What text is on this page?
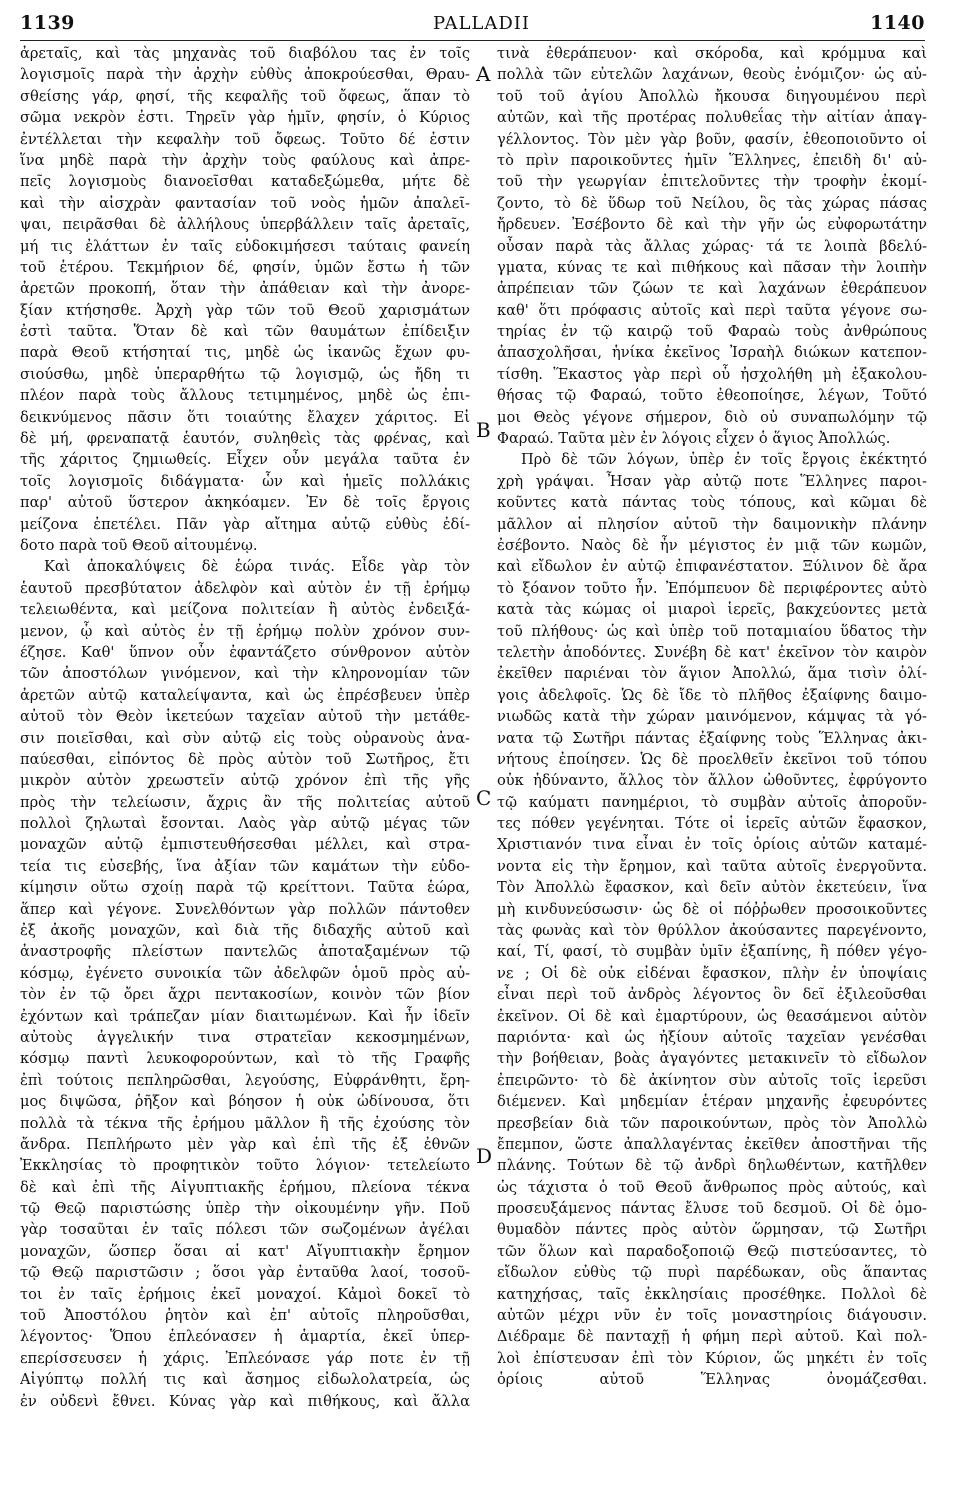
1139	PALLADII	1140
ἀρεταῖς, καὶ τὰς μηχανὰς τοῦ διαβόλου τας ἐν τοῖς
λογισμοῖς παρὰ τὴν ἀρχὴν εὐθὺς ἀποκρούεσθαι, Θραυ-
σθείσης γάρ, φησί, τῆς κεφαλῆς τοῦ ὄφεως, ἅπαν τὸ
σῶμα νεκρὸν ἐστι. Τηρεῖν γὰρ ἡμῖν, φησίν, ὁ Κύριος
ἐντέλλεται τὴν κεφαλὴν τοῦ ὄφεως. Τοῦτο δέ ἐστιν
ἵνα μηδὲ παρὰ τὴν ἀρχὴν τοὺς φαύλους καὶ ἀπρε-
πεῖς λογισμοὺς διανοεῖσθαι καταδεξώμεθα, μήτε δὲ
καὶ τὴν αἰσχρὰν φαντασίαν τοῦ νοὸς ἡμῶν ἀπαλεῖ-
ψαι, πειρᾶσθαι δὲ ἀλλήλους ὑπερβάλλειν ταῖς ἀρεταῖς,
μή τις ἐλάττων ἐν ταῖς εὐδοκιμήσεσι ταύταις φανείη
τοῦ ἑτέρου. Τεκμήριον δέ, φησίν, ὑμῶν ἔστω ἡ τῶν
ἀρετῶν προκοπή, ὅταν τὴν ἀπάθειαν καὶ τὴν ἀνορε-
ξίαν κτήσησθε. Ἀρχὴ γὰρ τῶν τοῦ Θεοῦ χαρισμάτων
ἐστὶ ταῦτα. Ὅταν δὲ καὶ τῶν θαυμάτων ἐπίδειξιν
παρὰ Θεοῦ κτήσηταί τις, μηδὲ ὡς ἱκανῶς ἔχων φυ-
σιούσθω, μηδὲ ὑπεραρθήτω τῷ λογισμῷ, ὡς ἤδη τι
πλέον παρὰ τοὺς ἄλλους τετιμημένος, μηδὲ ὡς ἐπι-
δεικνύμενος πᾶσιν ὅτι τοιαύτης ἔλαχεν χάριτος. Εἰ
δὲ μή, φρεναπατᾷ ἑαυτόν, συληθεὶς τὰς φρένας, καὶ
τῆς χάριτος ζημιωθείς. Εἶχεν οὖν μεγάλα ταῦτα ἐν
τοῖς λογισμοῖς διδάγματα· ὧν καὶ ἡμεῖς πολλάκις
παρ' αὐτοῦ ὕστερον ἀκηκόαμεν. Ἐν δὲ τοῖς ἔργοις
μείζονα ἐπετέλει. Πᾶν γὰρ αἴτημα αὐτῷ εὐθὺς ἐδί-
δοτο παρὰ τοῦ Θεοῦ αἰτουμένῳ.
Καὶ ἀποκαλύψεις δὲ ἑώρα τινάς. Εἶδε γὰρ τὸν
ἑαυτοῦ πρεσβύτατον ἀδελφὸν καὶ αὐτὸν ἐν τῇ ἐρήμῳ
τελειωθέντα, καὶ μείζονα πολιτείαν ἢ αὐτὸς ἐνδειξά-
μενον, ᾧ καὶ αὐτὸς ἐν τῇ ἐρήμῳ πολὺν χρόνον συν-
έζησε. Καθ' ὕπνον οὖν ἐφαντάζετο σύνθρονον αὐτὸν
τῶν ἀποστόλων γινόμενον, καὶ τὴν κληρονομίαν τῶν
ἀρετῶν αὐτῷ καταλείψαντα, καὶ ὡς ἐπρέσβευεν ὑπὲρ
αὐτοῦ τὸν Θεὸν ἱκετεύων ταχεῖαν αὐτοῦ τὴν μετάθε-
σιν ποιεῖσθαι, καὶ σὺν αὐτῷ εἰς τοὺς οὐρανοὺς ἀνα-
παύεσθαι, εἰπόντος δὲ πρὸς αὐτὸν τοῦ Σωτῆρος, ἔτι
μικρὸν αὐτὸν χρεωστεῖν αὐτῷ χρόνον ἐπὶ τῆς γῆς
πρὸς τὴν τελείωσιν, ἄχρις ἂν τῆς πολιτείας αὐτοῦ
πολλοὶ ζηλωταὶ ἔσονται. Λαὸς γὰρ αὐτῷ μέγας τῶν
μοναχῶν αὐτῷ ἐμπιστευθήσεσθαι μέλλει, καὶ στρα-
τεία τις εὐσεβής, ἵνα ἀξίαν τῶν καμάτων τὴν εὐδο-
κίμησιν οὕτω σχοίῃ παρὰ τῷ κρείττονι. Ταῦτα ἑώρα,
ἅπερ καὶ γέγονε. Συνελθόντων γὰρ πολλῶν πάντοθεν
ἐξ ἀκοῆς μοναχῶν, καὶ διὰ τῆς διδαχῆς αὐτοῦ καὶ
ἀναστροφῆς πλείστων παντελῶς ἀποταξαμένων τῷ
κόσμῳ, ἐγένετο συνοικία τῶν ἀδελφῶν ὁμοῦ πρὸς αὐ-
τὸν ἐν τῷ ὄρει ἄχρι πεντακοσίων, κοινὸν τῶν βίον
ἐχόντων καὶ τράπεζαν μίαν διαιτωμένων. Καὶ ἦν ἰδεῖν
αὐτοὺς ἀγγελικήν τινα στρατεῖαν κεκοσμημένων,
κόσμῳ παντὶ λευκοφορούντων, καὶ τὸ τῆς Γραφῆς
ἐπὶ τούτοις πεπληρῶσθαι, λεγούσης, Εὐφράνθητι, ἔρη-
μος διψῶσα, ῥῆξον καὶ βόησον ἡ οὐκ ὠδίνουσα, ὅτι
πολλὰ τὰ τέκνα τῆς ἐρήμου μᾶλλον ἢ τῆς ἐχούσης τὸν
ἄνδρα. Πεπλήρωτο μὲν γὰρ καὶ ἐπὶ τῆς ἐξ ἐθνῶν
Ἐκκλησίας τὸ προφητικὸν τοῦτο λόγιον· τετελείωτο
δὲ καὶ ἐπὶ τῆς Αἰγυπτιακῆς ἐρήμου, πλείονα τέκνα
τῷ Θεῷ παριστώσης ὑπὲρ τὴν οἰκουμένην γῆν. Ποῦ
γὰρ τοσαῦται ἐν ταῖς πόλεσι τῶν σωζομένων ἀγέλαι
μοναχῶν, ὥσπερ ὅσαι αἱ κατ' Αἴγυπτιακὴν ἔρημον
τῷ Θεῷ παριστῶσιν ; ὅσοι γὰρ ἐνταῦθα λαοί, τοσοῦ-
τοι ἐν ταῖς ἐρήμοις ἐκεῖ μοναχοί. Κἀμοὶ δοκεῖ τὸ
τοῦ Ἀποστόλου ῥητὸν καὶ ἐπ' αὐτοῖς πληροῦσθαι,
λέγοντος· Ὅπου ἐπλεόνασεν ἡ ἁμαρτία, ἐκεῖ ὑπερ-
επερίσσευσεν ἡ χάρις. Ἐπλεόνασε γάρ ποτε ἐν τῇ
Αἰγύπτῳ πολλή τις καὶ ἄσημος εἰδωλολατρεία, ὡς
ἐν οὐδενὶ ἔθνει. Κύνας γὰρ καὶ πιθήκους, καὶ ἄλλα
τινὰ ἐθεράπευον· καὶ σκόροδα, καὶ κρόμμυα καὶ
πολλὰ τῶν εὐτελῶν λαχάνων, θεοὺς ἐνόμιζον· ὡς αὐ-
τοῦ τοῦ ἁγίου Ἀπολλὼ ἤκουσα διηγουμένου περὶ
αὐτῶν, καὶ τῆς προτέρας πολυθεΐας τὴν αἰτίαν ἀπαγ-
γέλλοντος. Τὸν μὲν γὰρ βοῦν, φασίν, ἐθεοποιοῦντο οἱ
τὸ πρὶν παροικοῦντες ἡμῖν Ἕλληνες, ἐπειδὴ δι' αὐ-
τοῦ τὴν γεωργίαν ἐπιτελοῦντες τὴν τροφὴν ἐκομί-
ζοντο, τὸ δὲ ὕδωρ τοῦ Νείλου, ὃς τὰς χώρας πάσας
ἤρδευεν. Ἐσέβοντο δὲ καὶ τὴν γῆν ὡς εὐφορωτάτην
οὖσαν παρὰ τὰς ἄλλας χώρας· τά τε λοιπὰ βδελύ-
γματα, κύνας τε καὶ πιθήκους καὶ πᾶσαν τὴν λοιπὴν
ἀπρέπειαν τῶν ζώων τε καὶ λαχάνων ἐθεράπευον
καθ' ὅτι πρόφασις αὐτοῖς καὶ περὶ ταῦτα γέγονε σω-
τηρίας ἐν τῷ καιρῷ τοῦ Φαραὼ τοὺς ἀνθρώπους
ἀπασχολῆσαι, ἡνίκα ἐκεῖνος Ἰσραὴλ διώκων κατεπον-
τίσθη. Ἕκαστος γὰρ περὶ οὗ ἠσχολήθη μὴ ἐξακολου-
θήσας τῷ Φαραώ, τοῦτο ἐθεοποίησε, λέγων, Τοῦτό
μοι Θεὸς γέγονε σήμερον, διὸ οὐ συναπωλόμην τῷ
Φαραώ. Ταῦτα μὲν ἐν λόγοις εἶχεν ὁ ἅγιος Ἀπολλώς.
Πρὸ δὲ τῶν λόγων, ὑπὲρ ἐν τοῖς ἔργοις ἐκέκτητό
χρὴ γράψαι. Ἦσαν γὰρ αὐτῷ ποτε Ἕλληνες παροι-
κοῦντες κατὰ πάντας τοὺς τόπους, καὶ κῶμαι δὲ
μᾶλλον αἱ πλησίον αὐτοῦ τὴν δαιμονικὴν πλάνην
ἐσέβοντο. Ναὸς δὲ ἦν μέγιστος ἐν μιᾷ τῶν κωμῶν,
καὶ εἴδωλον ἐν αὐτῷ ἐπιφανέστατον. Ξύλινον δὲ ἄρα
τὸ ξόανον τοῦτο ἦν. Ἐπόμπευον δὲ περιφέροντες αὐτὸ
κατὰ τὰς κώμας οἱ μιαροὶ ἱερεῖς, βακχεύοντες μετὰ
τοῦ πλήθους· ὡς καὶ ὑπὲρ τοῦ ποταμιαίου ὕδατος τὴν
τελετὴν ἀποδόντες. Συνέβη δὲ κατ' ἐκεῖνον τὸν καιρὸν
ἐκεῖθεν παριέναι τὸν ἅγιον Ἀπολλώ, ἅμα τισὶν ὀλί-
γοις ἀδελφοῖς. Ὡς δὲ ἴδε τὸ πλῆθος ἐξαίφνης δαιμο-
νιωδῶς κατὰ τὴν χώραν μαινόμενον, κάμψας τὰ γό-
νατα τῷ Σωτῆρι πάντας ἐξαίφνης τοὺς Ἕλληνας ἀκι-
νήτους ἐποίησεν. Ὡς δὲ προελθεῖν ἐκεῖνοι τοῦ τόπου
οὐκ ἠδύναντο, ἄλλος τὸν ἄλλον ὠθοῦντες, ἐφρύγοντο
τῷ καύματι πανημέριοι, τὸ συμβὰν αὐτοῖς ἀποροῦν-
τες πόθεν γεγένηται. Τότε οἱ ἱερεῖς αὐτῶν ἔφασκον,
Χριστιανόν τινα εἶναι ἐν τοῖς ὁρίοις αὐτῶν καταμέ-
νοντα εἰς τὴν ἔρημον, καὶ ταῦτα αὐτοῖς ἐνεργοῦντα.
Τὸν Ἀπολλὼ ἔφασκον, καὶ δεῖν αὐτὸν ἐκετεύειν, ἵνα
μὴ κινδυνεύσωσιν· ὡς δὲ οἱ πόῤῥωθεν προσοικοῦντες
τὰς φωνὰς καὶ τὸν θρύλλον ἀκούσαντες παρεγένοντο,
καί, Τί, φασί, τὸ συμβὰν ὑμῖν ἐξαπίνης, ἢ πόθεν γέγο-
νε ; Οἱ δὲ οὐκ εἰδέναι ἔφασκον, πλὴν ἐν ὑποψίαις
εἶναι περὶ τοῦ ἀνδρὸς λέγοντος ὃν δεῖ ἐξιλεοῦσθαι
ἐκεῖνον. Οἱ δὲ καὶ ἐμαρτύρουν, ὡς θεασάμενοι αὐτὸν
παριόντα· καὶ ὡς ἠξίουν αὐτοῖς ταχεῖαν γενέσθαι
τὴν βοήθειαν, βοὰς ἀγαγόντες μετακινεῖν τὸ εἴδωλον
ἐπειρῶντο· τὸ δὲ ἀκίνητον σὺν αὐτοῖς τοῖς ἱερεῦσι
διέμενεν. Καὶ μηδεμίαν ἑτέραν μηχανῆς ἐφευρόντες
πρεσβείαν διὰ τῶν παροικούντων, πρὸς τὸν Ἀπολλὼ
ἔπεμπον, ὥστε ἀπαλλαγέντας ἐκεῖθεν ἀποστῆναι τῆς
πλάνης. Τούτων δὲ τῷ ἀνδρὶ δηλωθέντων, κατῆλθεν
ὡς τάχιστα ὁ τοῦ Θεοῦ ἄνθρωπος πρὸς αὐτούς, καὶ
προσευξάμενος πάντας ἔλυσε τοῦ δεσμοῦ. Οἱ δὲ ὁμο-
θυμαδὸν πάντες πρὸς αὐτὸν ὥρμησαν, τῷ Σωτῆρι
τῶν ὅλων καὶ παραδοξοποιῷ Θεῷ πιστεύσαντες, τὸ
εἴδωλον εὐθὺς τῷ πυρὶ παρέδωκαν, οὓς ἅπαντας
κατηχήσας, ταῖς ἐκκλησίαις προσέθηκε. Πολλοὶ δὲ
αὐτῶν μέχρι νῦν ἐν τοῖς μοναστηρίοις διάγουσιν.
Διέδραμε δὲ πανταχῇ ἡ φήμη περὶ αὐτοῦ. Καὶ πολ-
λοὶ ἐπίστευσαν ἐπὶ τὸν Κύριον, ὥς μηκέτι ἐν τοῖς
ὁρίοις αὐτοῦ Ἕλληνας ὀνομάζεσθαι.
A
B
C
D
